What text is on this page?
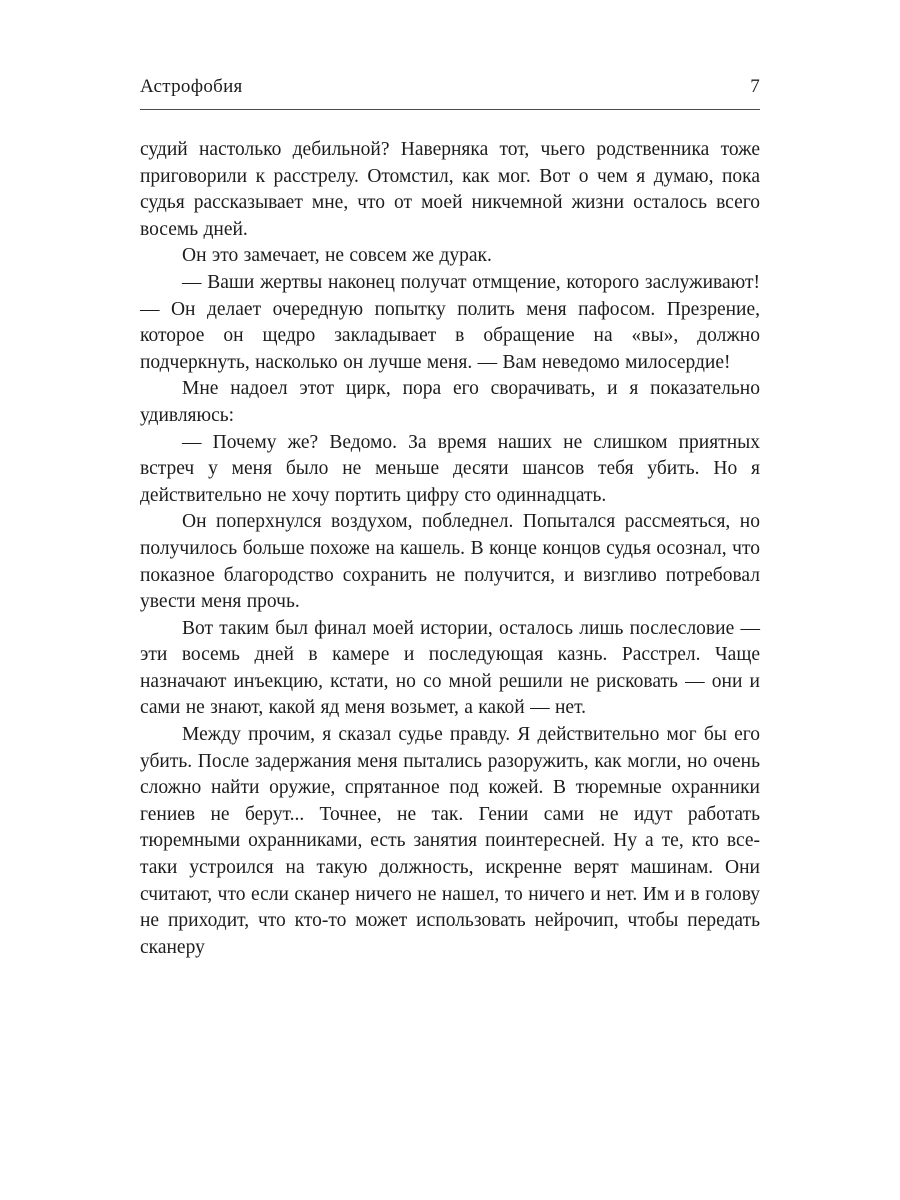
Астрофобия	7

судий настолько дебильной? Наверняка тот, чьего родственника тоже приговорили к расстрелу. Отомстил, как мог. Вот о чем я думаю, пока судья рассказывает мне, что от моей никчемной жизни осталось всего восемь дней.

Он это замечает, не совсем же дурак.

— Ваши жертвы наконец получат отмщение, которого заслуживают! — Он делает очередную попытку полить меня пафосом. Презрение, которое он щедро закладывает в обращение на «вы», должно подчеркнуть, насколько он лучше меня. — Вам неведомо милосердие!

Мне надоел этот цирк, пора его сворачивать, и я показательно удивляюсь:

— Почему же? Ведомо. За время наших не слишком приятных встреч у меня было не меньше десяти шансов тебя убить. Но я действительно не хочу портить цифру сто одиннадцать.

Он поперхнулся воздухом, побледнел. Попытался рассмеяться, но получилось больше похоже на кашель. В конце концов судья осознал, что показное благородство сохранить не получится, и визгливо потребовал увести меня прочь.

Вот таким был финал моей истории, осталось лишь послесловие — эти восемь дней в камере и последующая казнь. Расстрел. Чаще назначают инъекцию, кстати, но со мной решили не рисковать — они и сами не знают, какой яд меня возьмет, а какой — нет.

Между прочим, я сказал судье правду. Я действительно мог бы его убить. После задержания меня пытались разоружить, как могли, но очень сложно найти оружие, спрятанное под кожей. В тюремные охранники гениев не берут... Точнее, не так. Гении сами не идут работать тюремными охранниками, есть занятия поинтересней. Ну а те, кто все-таки устроился на такую должность, искренне верят машинам. Они считают, что если сканер ничего не нашел, то ничего и нет. Им и в голову не приходит, что кто-то может использовать нейрочип, чтобы передать сканеру
